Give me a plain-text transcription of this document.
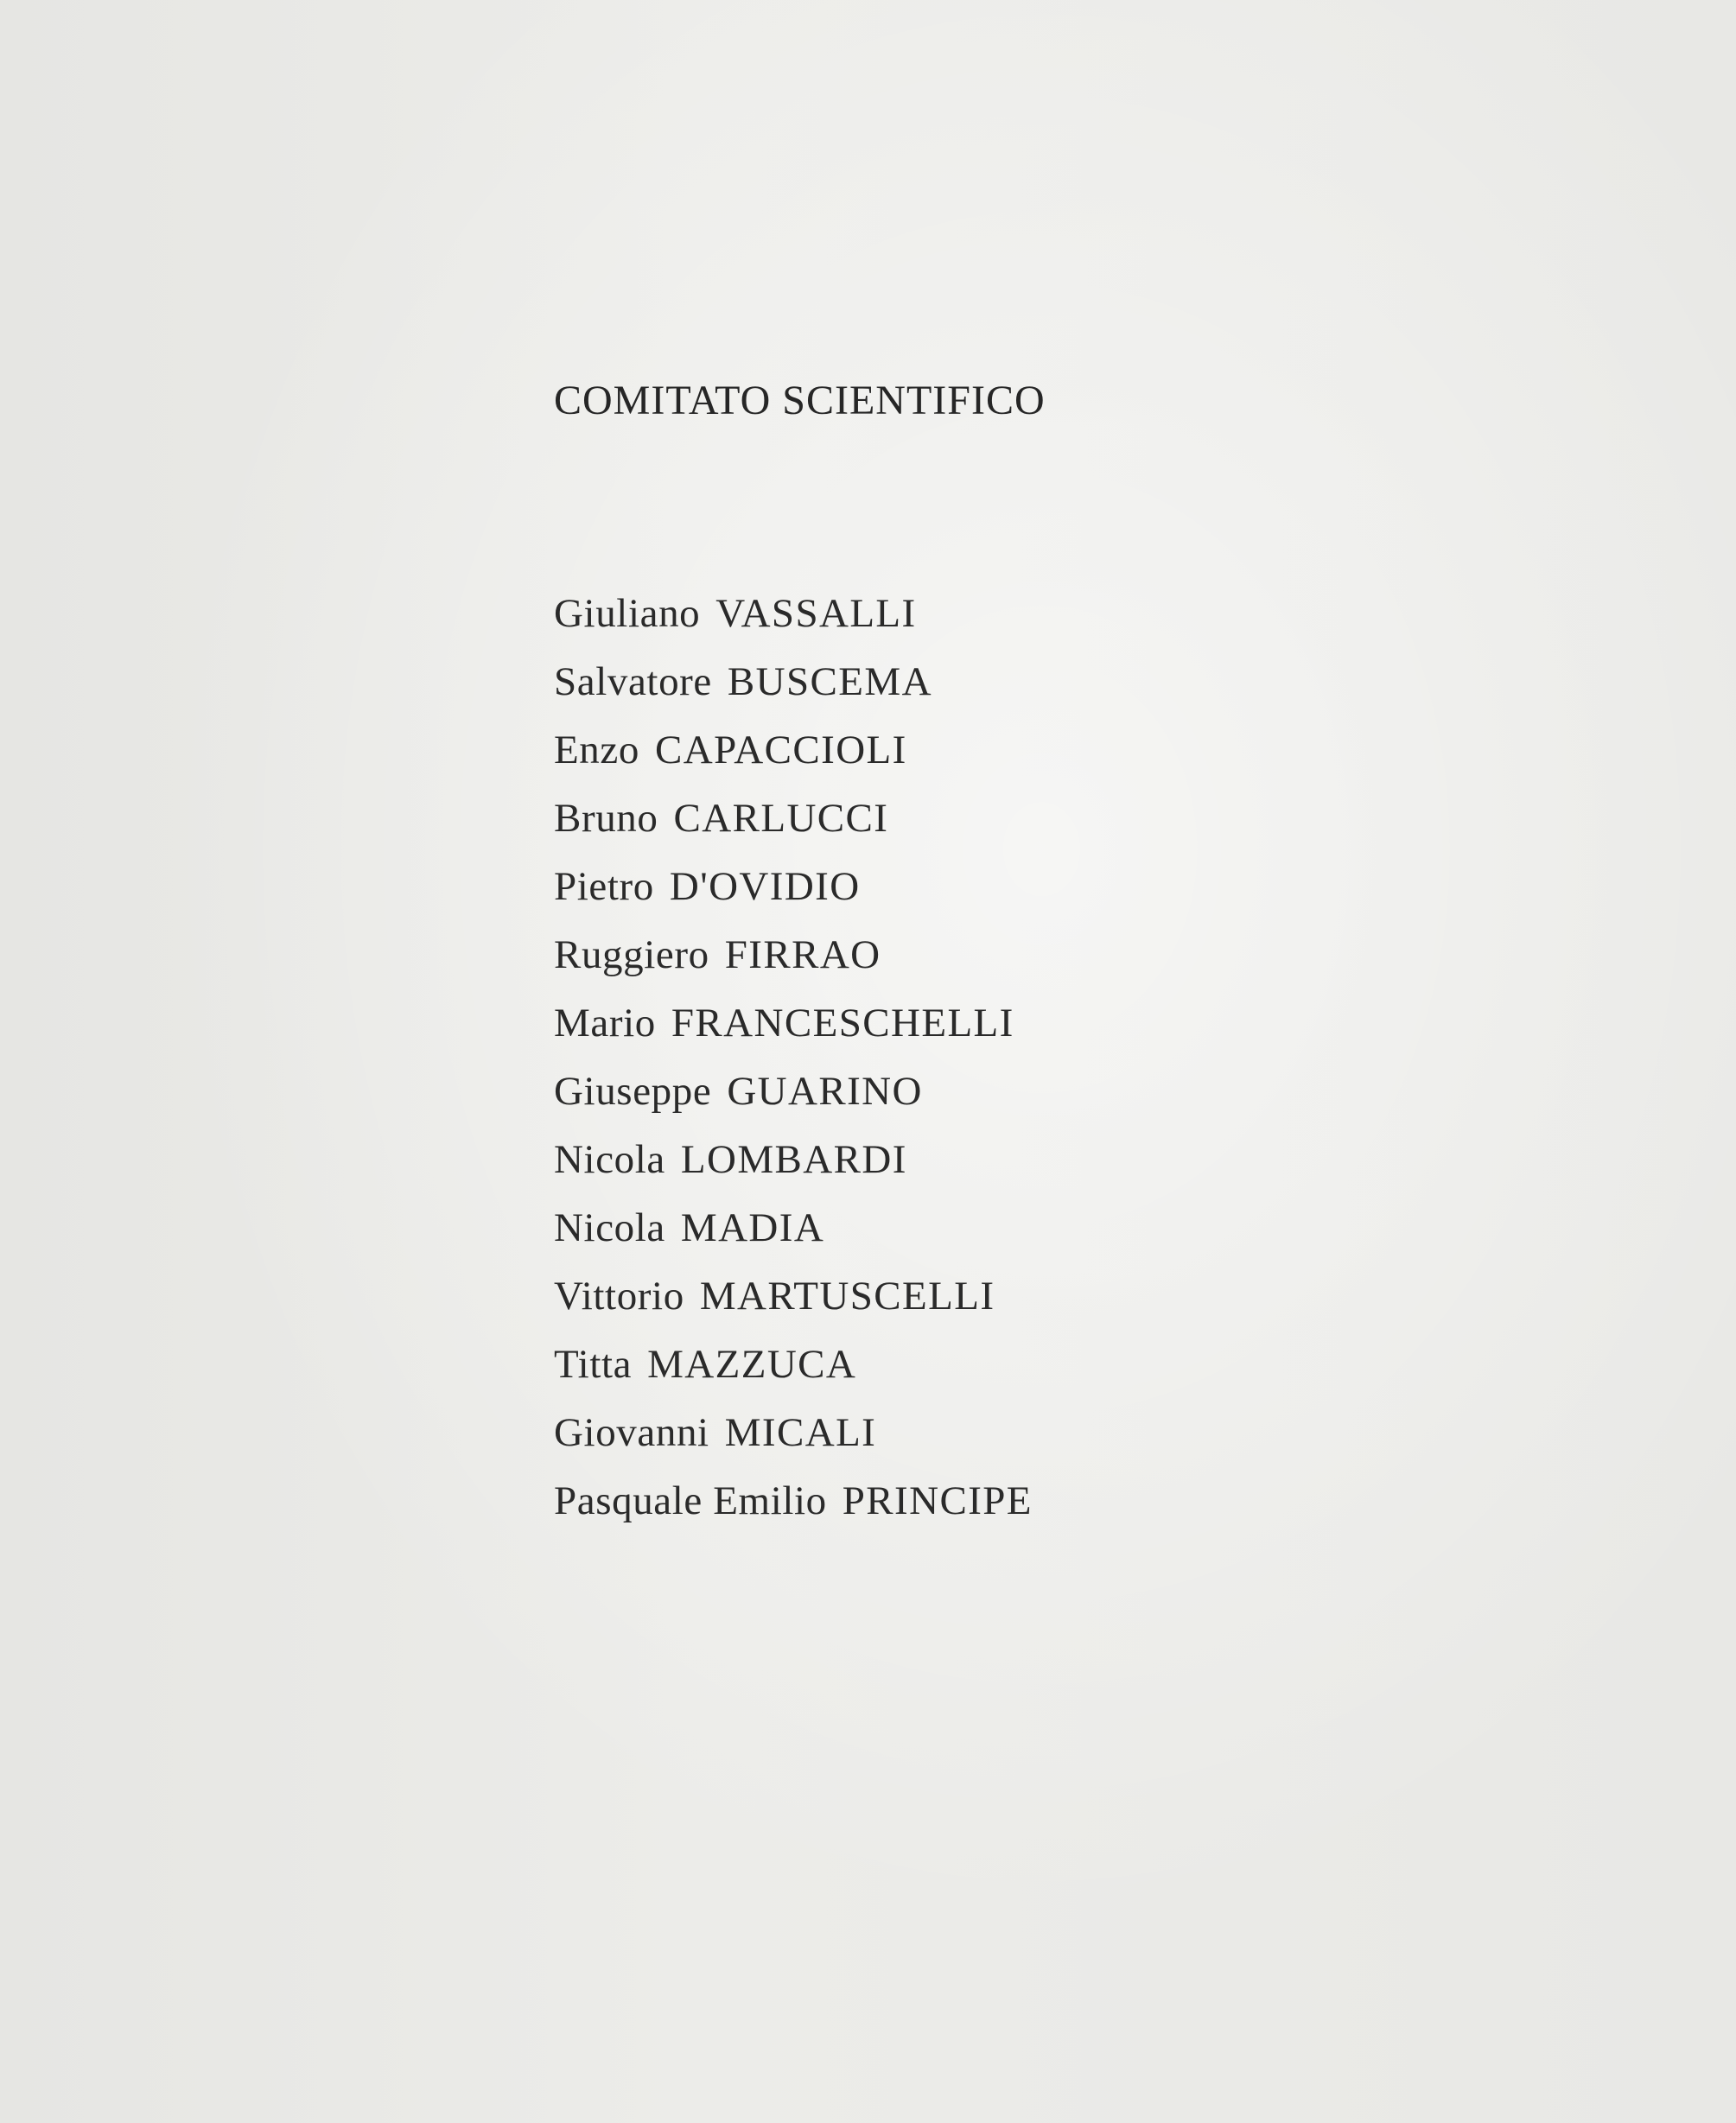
COMITATO SCIENTIFICO
Giuliano VASSALLI
Salvatore BUSCEMA
Enzo CAPACCIOLI
Bruno CARLUCCI
Pietro D'OVIDIO
Ruggiero FIRRAO
Mario FRANCESCHELLI
Giuseppe GUARINO
Nicola LOMBARDI
Nicola MADIA
Vittorio MARTUSCELLI
Titta MAZZUCA
Giovanni MICALI
Pasquale Emilio PRINCIPE
